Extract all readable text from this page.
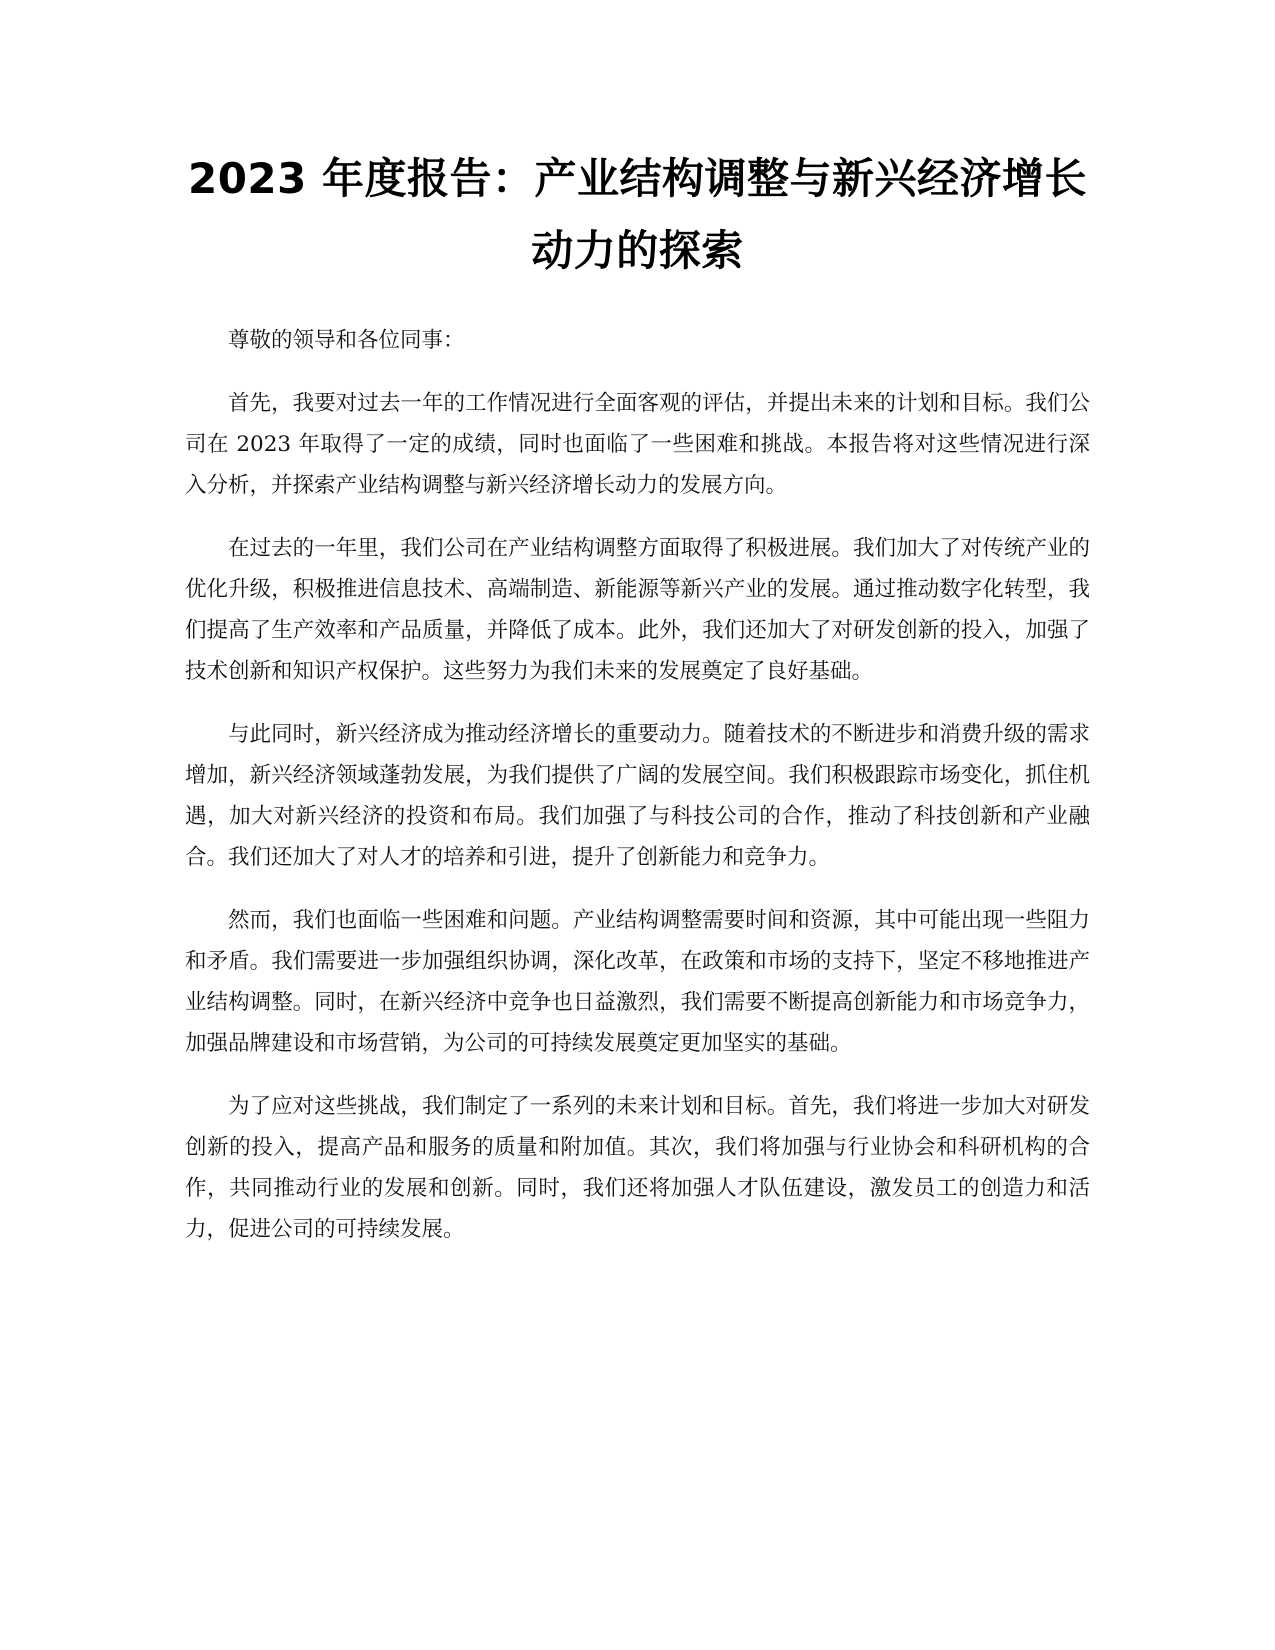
2023 年度报告：产业结构调整与新兴经济增长动力的探索

尊敬的领导和各位同事：

首先，我要对过去一年的工作情况进行全面客观的评估，并提出未来的计划和目标。我们公司在 2023 年取得了一定的成绩，同时也面临了一些困难和挑战。本报告将对这些情况进行深入分析，并探索产业结构调整与新兴经济增长动力的发展方向。

在过去的一年里，我们公司在产业结构调整方面取得了积极进展。我们加大了对传统产业的优化升级，积极推进信息技术、高端制造、新能源等新兴产业的发展。通过推动数字化转型，我们提高了生产效率和产品质量，并降低了成本。此外，我们还加大了对研发创新的投入，加强了技术创新和知识产权保护。这些努力为我们未来的发展奠定了良好基础。

与此同时，新兴经济成为推动经济增长的重要动力。随着技术的不断进步和消费升级的需求增加，新兴经济领域蓬勃发展，为我们提供了广阔的发展空间。我们积极跟踪市场变化，抓住机遇，加大对新兴经济的投资和布局。我们加强了与科技公司的合作，推动了科技创新和产业融合。我们还加大了对人才的培养和引进，提升了创新能力和竞争力。

然而，我们也面临一些困难和问题。产业结构调整需要时间和资源，其中可能出现一些阻力和矛盾。我们需要进一步加强组织协调，深化改革，在政策和市场的支持下，坚定不移地推进产业结构调整。同时，在新兴经济中竞争也日益激烈，我们需要不断提高创新能力和市场竞争力，加强品牌建设和市场营销，为公司的可持续发展奠定更加坚实的基础。

为了应对这些挑战，我们制定了一系列的未来计划和目标。首先，我们将进一步加大对研发创新的投入，提高产品和服务的质量和附加值。其次，我们将加强与行业协会和科研机构的合作，共同推动行业的发展和创新。同时，我们还将加强人才队伍建设，激发员工的创造力和活力，促进公司的可持续发展。
